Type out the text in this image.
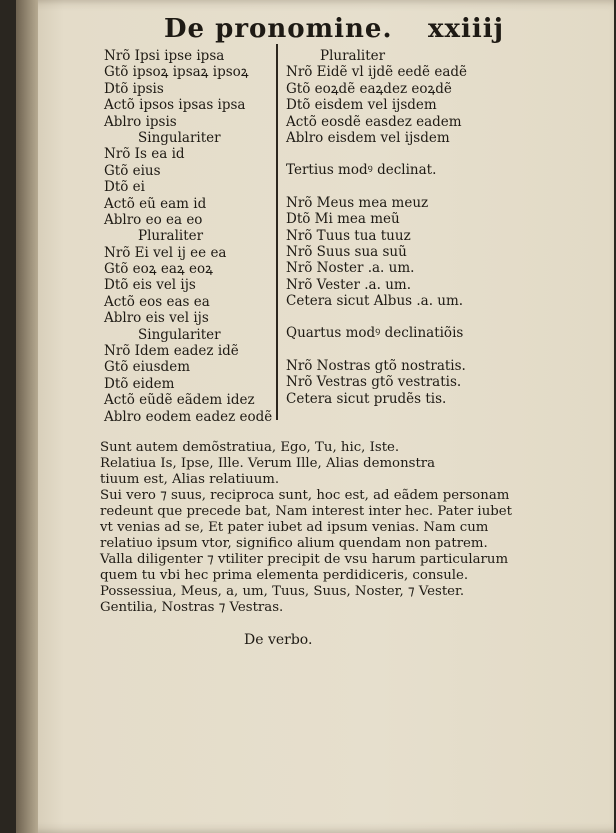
De pronomine. xxiiij
Nrõ Ipsi ipse ipsa
Gtõ ipsoꝝ ipsaꝝ ipsoꝝ
Dtõ ipsis
Actõ ipsos ipsas ipsa
Ablro ipsis
Singulariter
Nrõ Is ea id
Gtõ eius
Dtõ ei
Actõ eũ eam id
Ablro eo ea eo
Pluraliter
Nrõ Ei vel ij ee ea
Gtõ eoꝝ eaꝝ eoꝝ
Dtõ eis vel ijs
Actõ eos eas ea
Ablro eis vel ijs
Singulariter
Nrõ Idem eadez idẽ
Gtõ eiusdem
Dtõ eidem
Actõ eũdẽ eãdem idez
Ablro eodem eadez eodẽ
Pluraliter
Nrõ Eidẽ vl ijdẽ eedẽ eadẽ
Gtõ eoꝝdẽ eaꝝdez eoꝝdẽ
Dtõ eisdem vel ijsdem
Actõ eosdẽ easdez eadem
Ablro eisdem vel ijsdem
Tertius modꝰ declinat.
Nrõ Meus mea meuz
Dtõ Mi mea meũ
Nrõ Tuus tua tuuz
Nrõ Suus sua suũ
Nrõ Noster .a. um.
Nrõ Vester .a. um.
Cetera sicut Albus .a. um.
Quartus modꝰ declinatiõis
Nrõ Nostras gtõ nostratis.
Nrõ Vestras gtõ vestratis.
Cetera sicut prudẽs tis.
Sunt autem demõstratiua, Ego, Tu, hic, Iste.
Relatiua Is, Ipse, Ille. Verum Ille, Alias demonstra
tiuum est, Alias relatiuum.
Sui vero ⁊ suus, reciproca sunt, hoc est, ad eãdem personam
redeunt que precede bat, Nam interest inter hec. Pater iubet
vt venias ad se, Et pater iubet ad ipsum venias. Nam cum
relatiuo ipsum vtor, significo alium quendam non patrem.
Valla diligenter ⁊ vtiliter precipit de vsu harum particularum
quem tu vbi hec prima elementa perdidiceris, consule.
Possessiua, Meus, a, um, Tuus, Suus, Noster, ⁊ Vester.
Gentilia, Nostras ⁊ Vestras.
De verbo.
